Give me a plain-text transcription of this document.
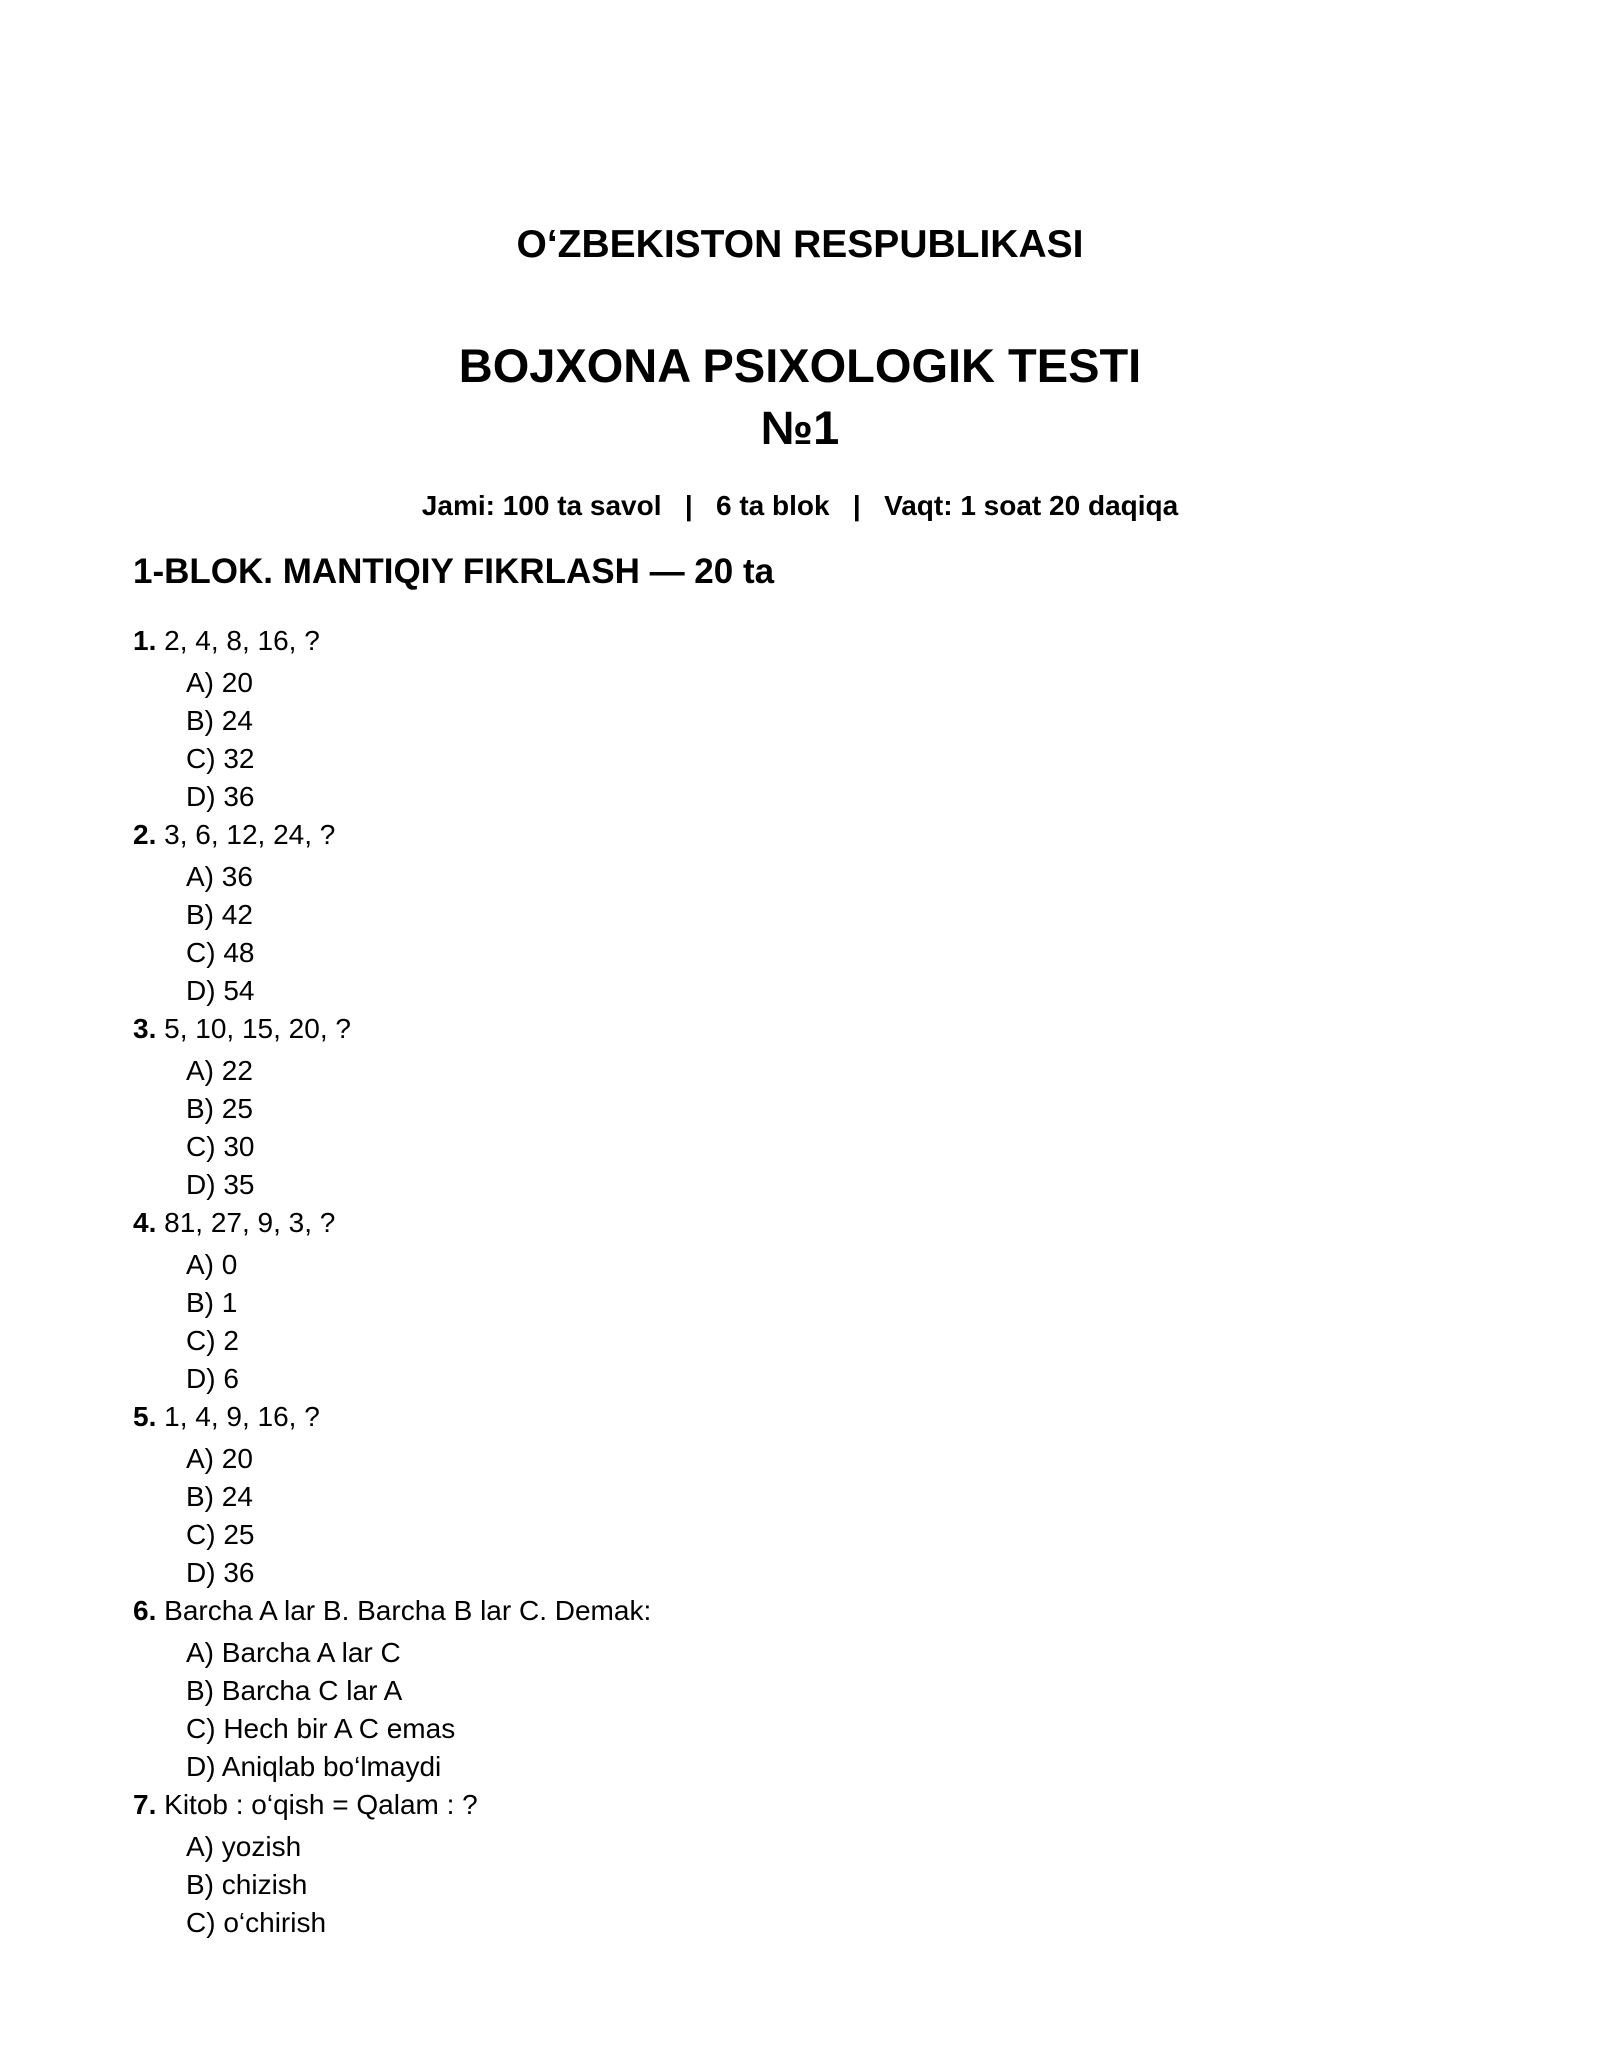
O‘ZBEKISTON RESPUBLIKASI
BOJXONA PSIXOLOGIK TESTI
№1
Jami: 100 ta savol   |   6 ta blok   |   Vaqt: 1 soat 20 daqiqa
1-BLOK. MANTIQIY FIKRLASH — 20 ta
1. 2, 4, 8, 16, ?
A) 20
B) 24
C) 32
D) 36
2. 3, 6, 12, 24, ?
A) 36
B) 42
C) 48
D) 54
3. 5, 10, 15, 20, ?
A) 22
B) 25
C) 30
D) 35
4. 81, 27, 9, 3, ?
A) 0
B) 1
C) 2
D) 6
5. 1, 4, 9, 16, ?
A) 20
B) 24
C) 25
D) 36
6. Barcha A lar B. Barcha B lar C. Demak:
A) Barcha A lar C
B) Barcha C lar A
C) Hech bir A C emas
D) Aniqlab bo‘lmaydi
7. Kitob : o‘qish = Qalam : ?
A) yozish
B) chizish
C) o‘chirish
